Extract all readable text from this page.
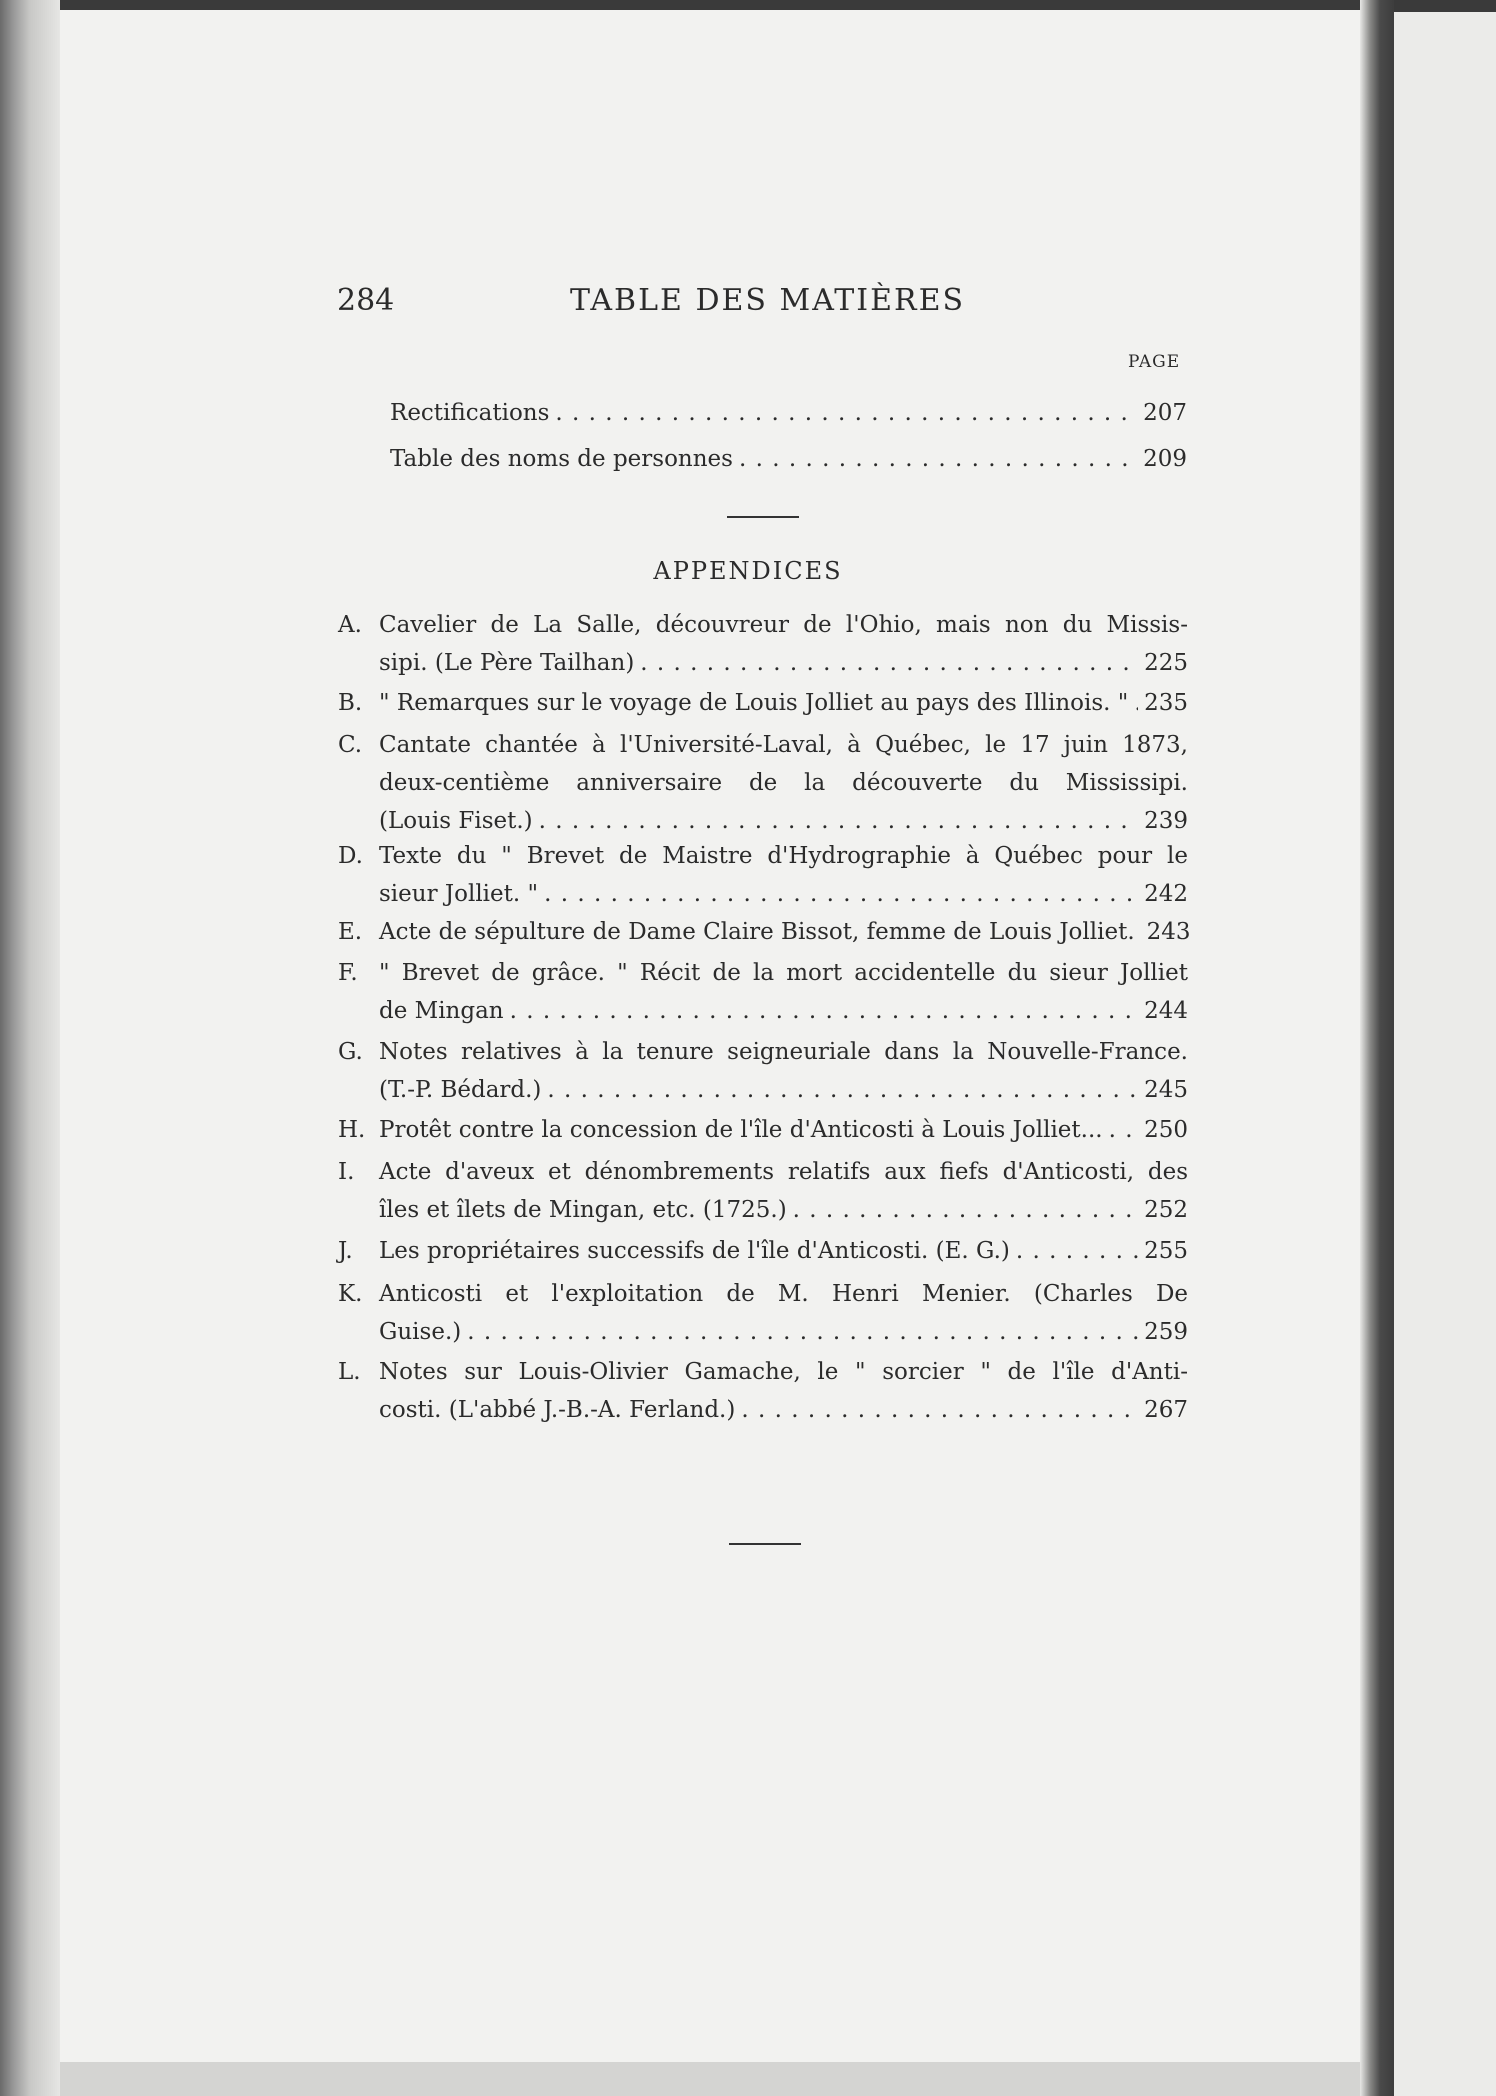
284	TABLE DES MATIÈRES
PAGE
Rectifications . . .	207
Table des noms de personnes . . .	209
APPENDICES
A. Cavelier de La Salle, découvreur de l'Ohio, mais non du Missis-
sipi. (Le Père Tailhan) . . .	225
B. " Remarques sur le voyage de Louis Jolliet au pays des Illinois. " . . . 235
C. Cantate chantée à l'Université-Laval, à Québec, le 17 juin 1873,
deux-centième anniversaire de la découverte du Mississipi.
(Louis Fiset.) . . .	239
D. Texte du " Brevet de Maistre d'Hydrographie à Québec pour le
sieur Jolliet. " . . .	242
E. Acte de sépulture de Dame Claire Bissot, femme de Louis Jolliet. 243
F. " Brevet de grâce. " Récit de la mort accidentelle du sieur Jolliet
de Mingan . . .	244
G. Notes relatives à la tenure seigneuriale dans la Nouvelle-France.
(T.-P. Bédard.) . . .	245
H. Protêt contre la concession de l'île d'Anticosti à Louis Jolliet... . . . 250
I. Acte d'aveux et dénombrements relatifs aux fiefs d'Anticosti, des
îles et îlets de Mingan, etc. (1725.) . . .	252
J. Les propriétaires successifs de l'île d'Anticosti. (E. G.) . . .	255
K. Anticosti et l'exploitation de M. Henri Menier. (Charles De
Guise.) . . .	259
L. Notes sur Louis-Olivier Gamache, le " sorcier " de l'île d'Anti-
costi. (L'abbé J.-B.-A. Ferland.) . . .	267
